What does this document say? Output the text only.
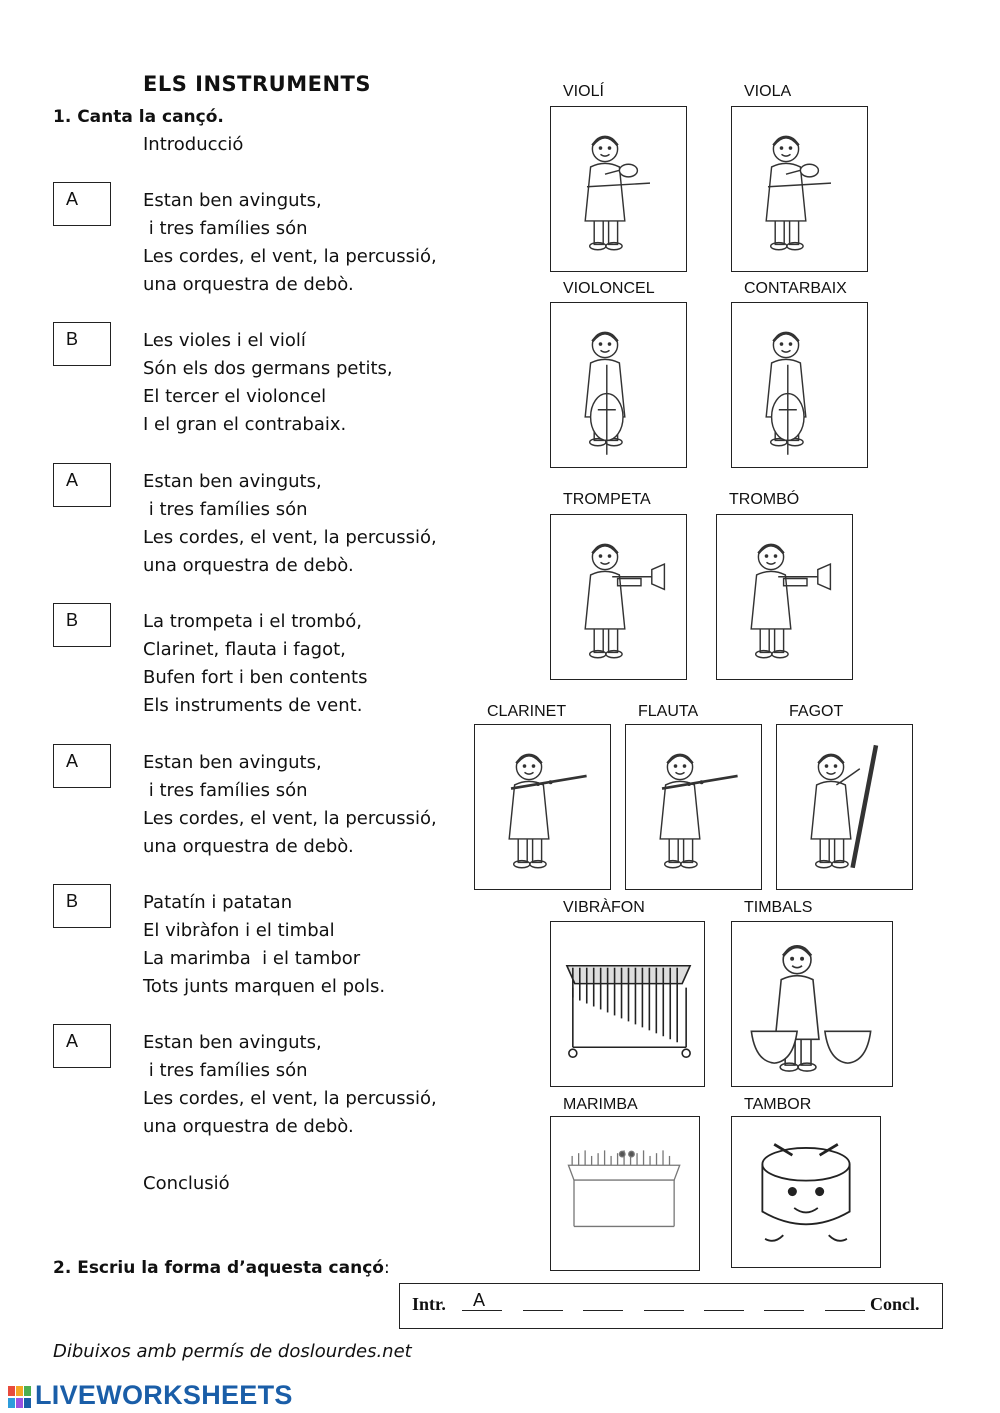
ELS INSTRUMENTS
1. Canta la cançó.
Introducció
A	Estan ben avinguts,
i tres famílies són
Les cordes, el vent, la percussió,
una orquestra de debò.
B	Les violes i el violí
Són els dos germans petits,
El tercer el violoncel
I el gran el contrabaix.
A	Estan ben avinguts,
i tres famílies són
Les cordes, el vent, la percussió,
una orquestra de debò.
B	La trompeta i el trombó,
Clarinet, flauta i fagot,
Bufen fort i ben contents
Els instruments de vent.
A	Estan ben avinguts,
i tres famílies són
Les cordes, el vent, la percussió,
una orquestra de debò.
B	Patatín i patatan
El vibràfon i el timbal
La marimba  i el tambor
Tots junts marquen el pols.
A	Estan ben avinguts,
i tres famílies són
Les cordes, el vent, la percussió,
una orquestra de debò.
Conclusió
VIOLÍ	VIOLA
VIOLONCEL	CONTARBAIX
TROMPETA	TROMBÓ
CLARINET	FLAUTA	FAGOT
VIBRÀFON	TIMBALS
MARIMBA	TAMBOR
2. Escriu la forma d’aquesta cançó:
Intr. A	Concl.
Dibuixos amb permís de doslourdes.net
LIVEWORKSHEETS
